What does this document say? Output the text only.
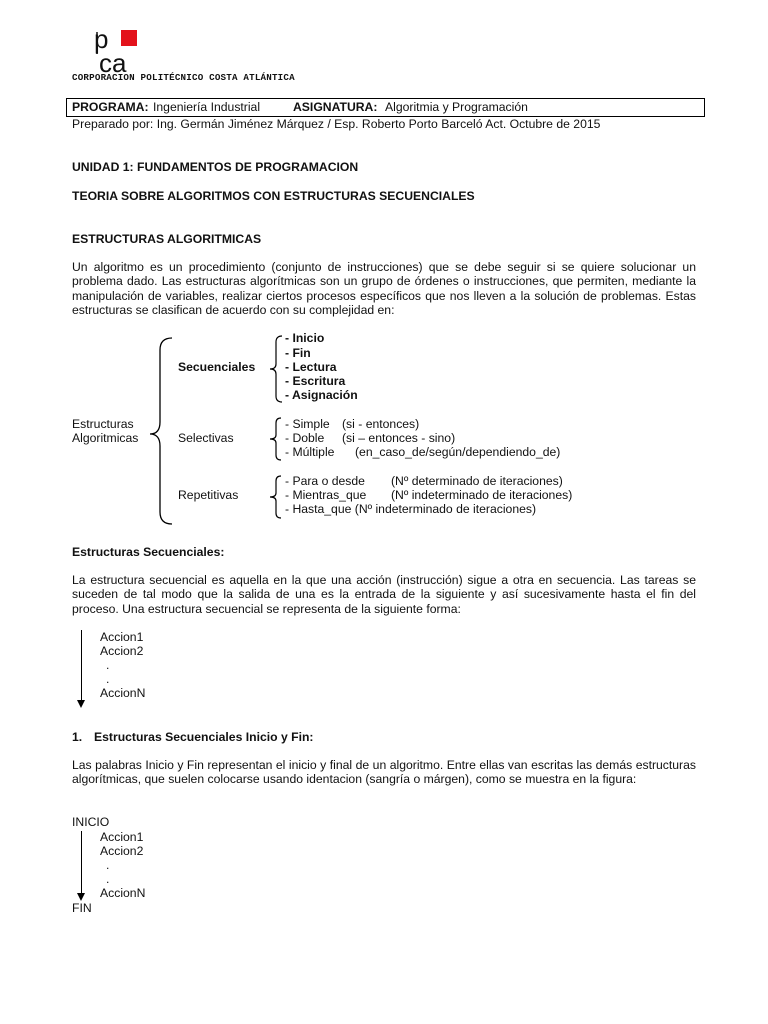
p
ca
CORPORACION POLITÉCNICO COSTA ATLÁNTICA
PROGRAMA: Ingeniería Industrial	ASIGNATURA: Algoritmia y Programación
Preparado por: Ing. Germán Jiménez Márquez / Esp. Roberto Porto Barceló Act. Octubre de 2015
UNIDAD 1: FUNDAMENTOS DE PROGRAMACION
TEORIA SOBRE ALGORITMOS CON ESTRUCTURAS SECUENCIALES
ESTRUCTURAS ALGORITMICAS
Un algoritmo es un procedimiento (conjunto de instrucciones) que se debe seguir si se quiere solucionar un problema dado. Las estructuras algorítmicas son un grupo de órdenes o instrucciones, que permiten, mediante la manipulación de variables, realizar ciertos procesos específicos que nos lleven a la solución de problemas. Estas estructuras se clasifican de acuerdo con su complejidad en:
Estructuras
Algoritmicas
Secuenciales
- Inicio
- Fin
- Lectura
- Escritura
- Asignación
Selectivas
- Simple (si - entonces)
- Doble (si – entonces - sino)
- Múltiple (en_caso_de/según/dependiendo_de)
Repetitivas
- Para o desde (Nº determinado de iteraciones)
- Mientras_que (Nº indeterminado de iteraciones)
- Hasta_que (Nº indeterminado de iteraciones)
Estructuras Secuenciales:
La estructura secuencial es aquella en la que una acción (instrucción) sigue a otra en secuencia. Las tareas se suceden de tal modo que la salida de una es la entrada de la siguiente y así sucesivamente hasta el fin del proceso. Una estructura secuencial se representa de la siguiente forma:
Accion1
Accion2
.
.
AccionN
1. Estructuras Secuenciales Inicio y Fin:
Las palabras Inicio y Fin representan el inicio y final de un algoritmo. Entre ellas van escritas las demás estructuras algorítmicas, que suelen colocarse usando identacion (sangría o márgen), como se muestra en la figura:
INICIO
Accion1
Accion2
.
.
AccionN
FIN
